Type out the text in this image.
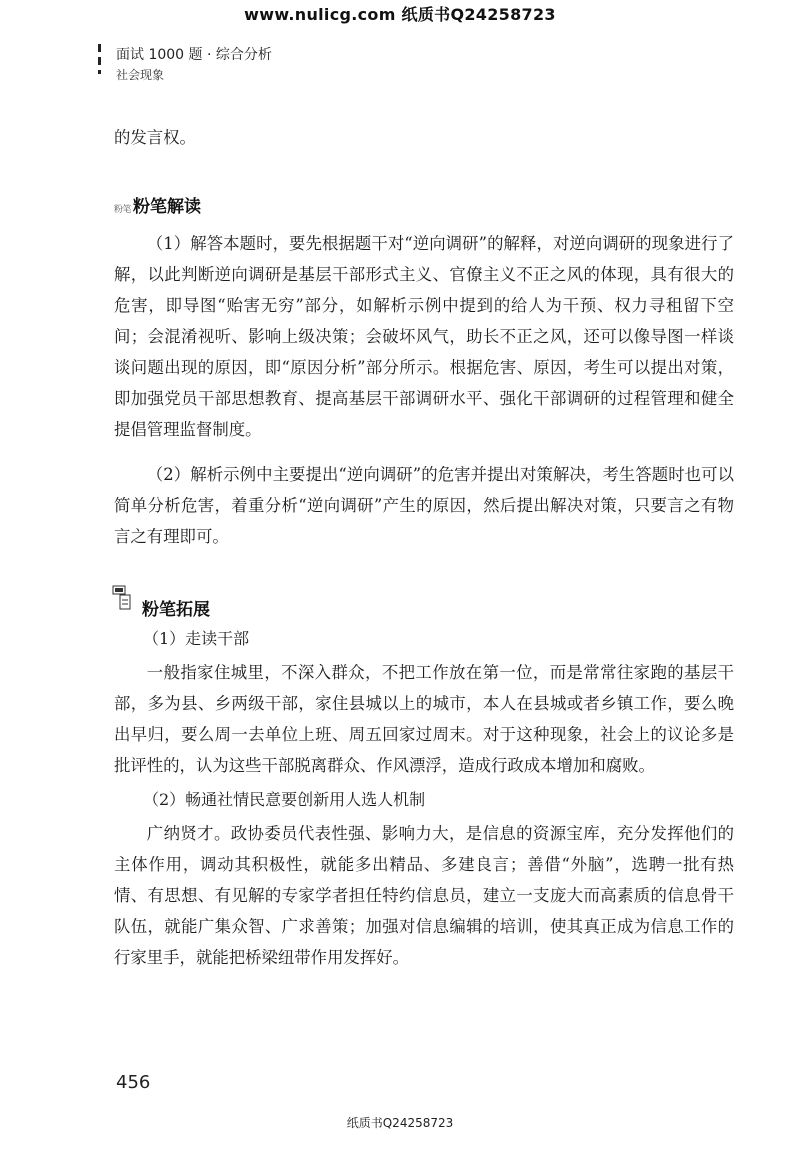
www.nulicg.com 纸质书Q24258723
面试 1000 题 · 综合分析
社会现象
的发言权。
粉笔 粉笔解读
（1）解答本题时，要先根据题干对“逆向调研”的解释，对逆向调研的现象进行了解，以此判断逆向调研是基层干部形式主义、官僚主义不正之风的体现，具有很大的危害，即导图“贻害无穷”部分，如解析示例中提到的给人为干预、权力寻租留下空间；会混淆视听、影响上级决策；会破坏风气，助长不正之风，还可以像导图一样谈谈问题出现的原因，即“原因分析”部分所示。根据危害、原因，考生可以提出对策，即加强党员干部思想教育、提高基层干部调研水平、强化干部调研的过程管理和健全提倡管理监督制度。
（2）解析示例中主要提出“逆向调研”的危害并提出对策解决，考生答题时也可以简单分析危害，着重分析“逆向调研”产生的原因，然后提出解决对策，只要言之有物言之有理即可。
粉笔拓展
（1）走读干部
一般指家住城里，不深入群众，不把工作放在第一位，而是常常往家跑的基层干部，多为县、乡两级干部，家住县城以上的城市，本人在县城或者乡镇工作，要么晚出早归，要么周一去单位上班、周五回家过周末。对于这种现象，社会上的议论多是批评性的，认为这些干部脱离群众、作风漂浮，造成行政成本增加和腐败。
（2）畅通社情民意要创新用人选人机制
广纳贤才。政协委员代表性强、影响力大，是信息的资源宝库，充分发挥他们的主体作用，调动其积极性，就能多出精品、多建良言；善借“外脑”，选聘一批有热情、有思想、有见解的专家学者担任特约信息员，建立一支庞大而高素质的信息骨干队伍，就能广集众智、广求善策；加强对信息编辑的培训，使其真正成为信息工作的行家里手，就能把桥梁纽带作用发挥好。
456
纸质书Q24258723
